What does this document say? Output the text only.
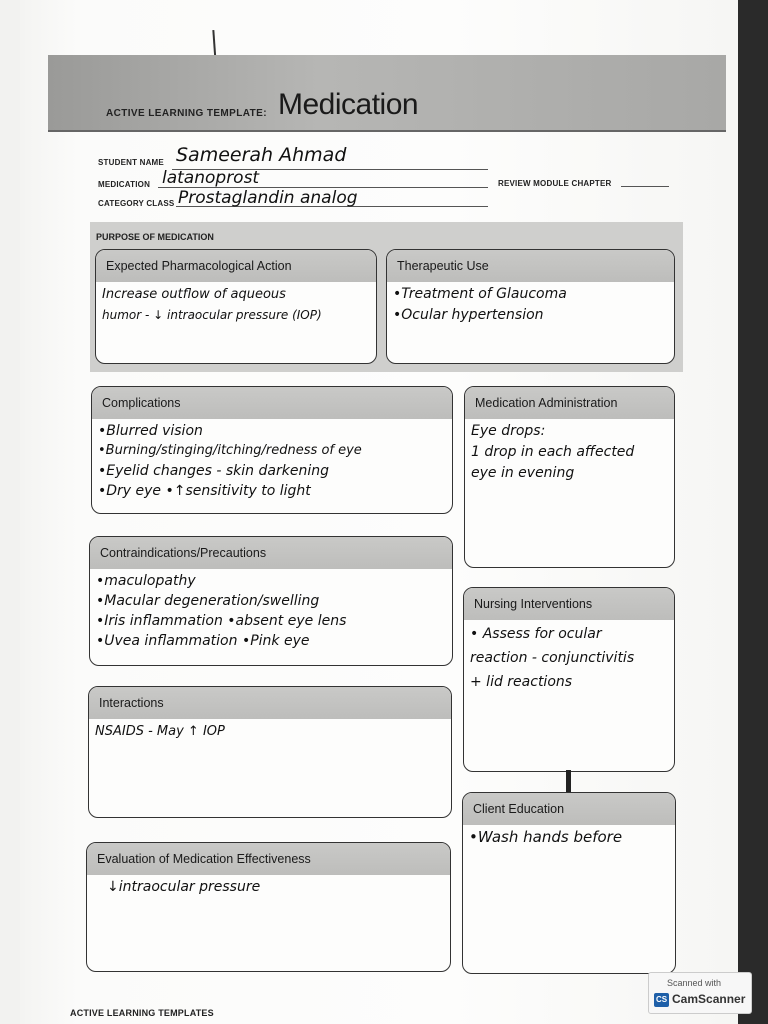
ACTIVE LEARNING TEMPLATE: Medication
STUDENT NAME Sameerah Ahmad
MEDICATION latanoprost	REVIEW MODULE CHAPTER
CATEGORY CLASS Prostaglandin analog
PURPOSE OF MEDICATION
Expected Pharmacological Action
Increase outflow of aqueous
humor - ↓ intraocular pressure (IOP)
Therapeutic Use
•Treatment of Glaucoma
•Ocular hypertension
Complications
•Blurred vision
•Burning/stinging/itching/redness of eye
•Eyelid changes - skin darkening
•Dry eye •↑sensitivity to light
Medication Administration
Eye drops:
1 drop in each affected
eye in evening
Contraindications/Precautions
•maculopathy
•Macular degeneration/swelling
•Iris inflammation •absent eye lens
•Uvea inflammation •Pink eye
Nursing Interventions
• Assess for ocular
reaction - conjunctivitis
+ lid reactions
Interactions
NSAIDS - May ↑ IOP
Client Education
•Wash hands before
Evaluation of Medication Effectiveness
↓intraocular pressure
ACTIVE LEARNING TEMPLATES
Scanned with
CS CamScanner
